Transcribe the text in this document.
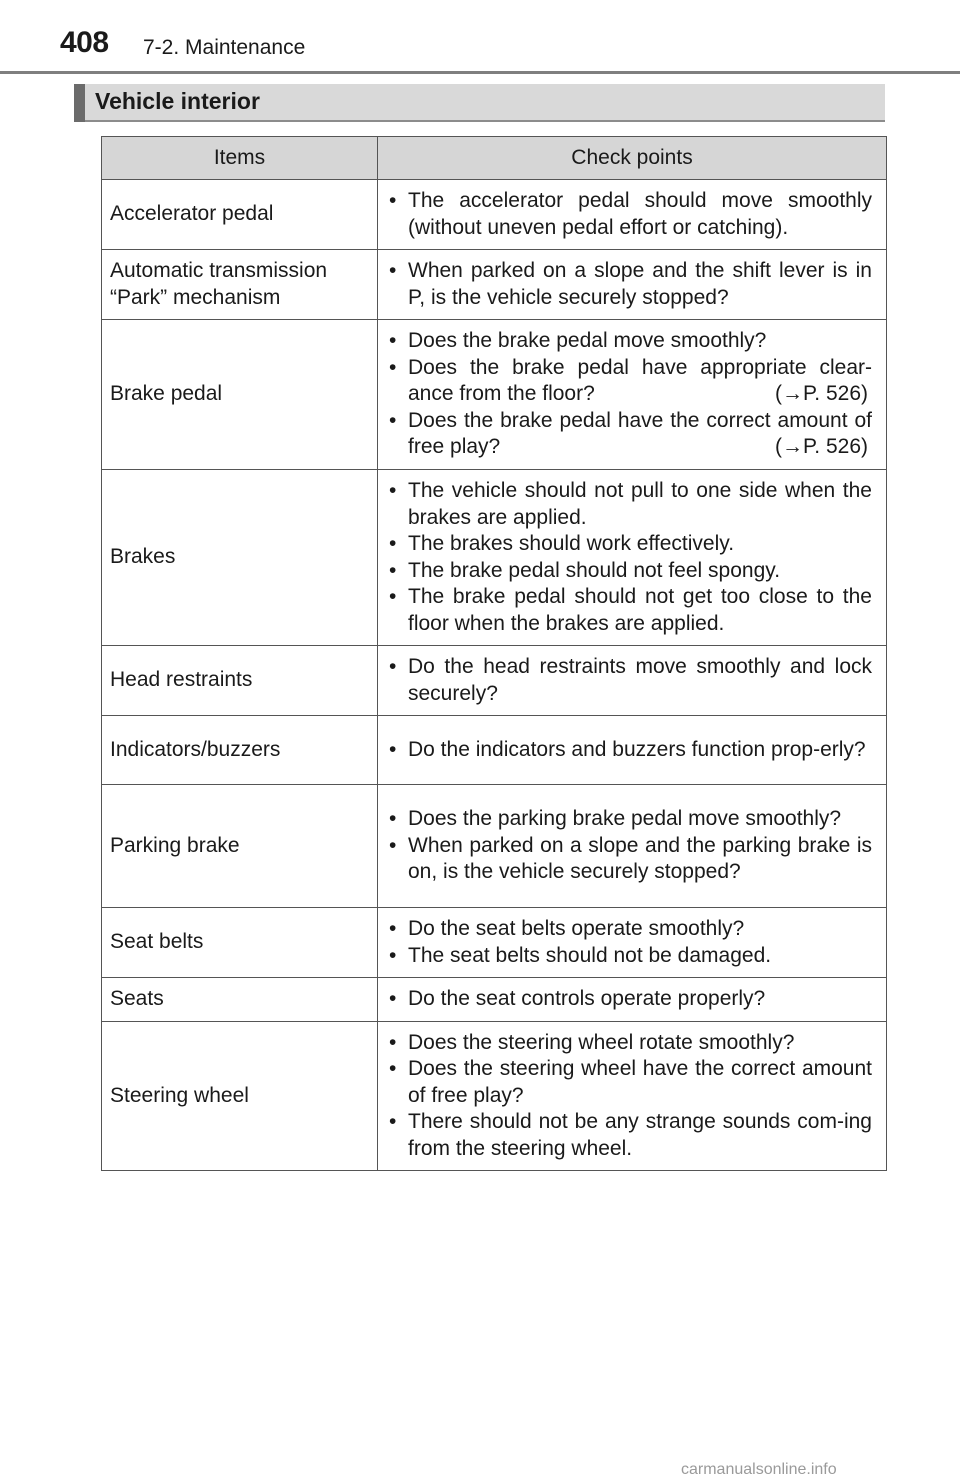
408 7-2. Maintenance
Vehicle interior
Items	Check points
Accelerator pedal	• The accelerator pedal should move smoothly (without uneven pedal effort or catching).

Automatic transmission “Park” mechanism	• When parked on a slope and the shift lever is in P, is the vehicle securely stopped?

Brake pedal	• Does the brake pedal move smoothly?
• Does the brake pedal have appropriate clear-ance from the floor? (→P. 526)
• Does the brake pedal have the correct amount of free play? (→P. 526)

Brakes	• The vehicle should not pull to one side when the brakes are applied.
• The brakes should work effectively.
• The brake pedal should not feel spongy.
• The brake pedal should not get too close to the floor when the brakes are applied.

Head restraints	• Do the head restraints move smoothly and lock securely?

Indicators/buzzers	• Do the indicators and buzzers function prop-erly?

Parking brake	• Does the parking brake pedal move smoothly?
• When parked on a slope and the parking brake is on, is the vehicle securely stopped?

Seat belts	• Do the seat belts operate smoothly?
• The seat belts should not be damaged.

Seats	• Do the seat controls operate properly?

Steering wheel	• Does the steering wheel rotate smoothly?
• Does the steering wheel have the correct amount of free play?
• There should not be any strange sounds com-ing from the steering wheel.
carmanualsonline.info
